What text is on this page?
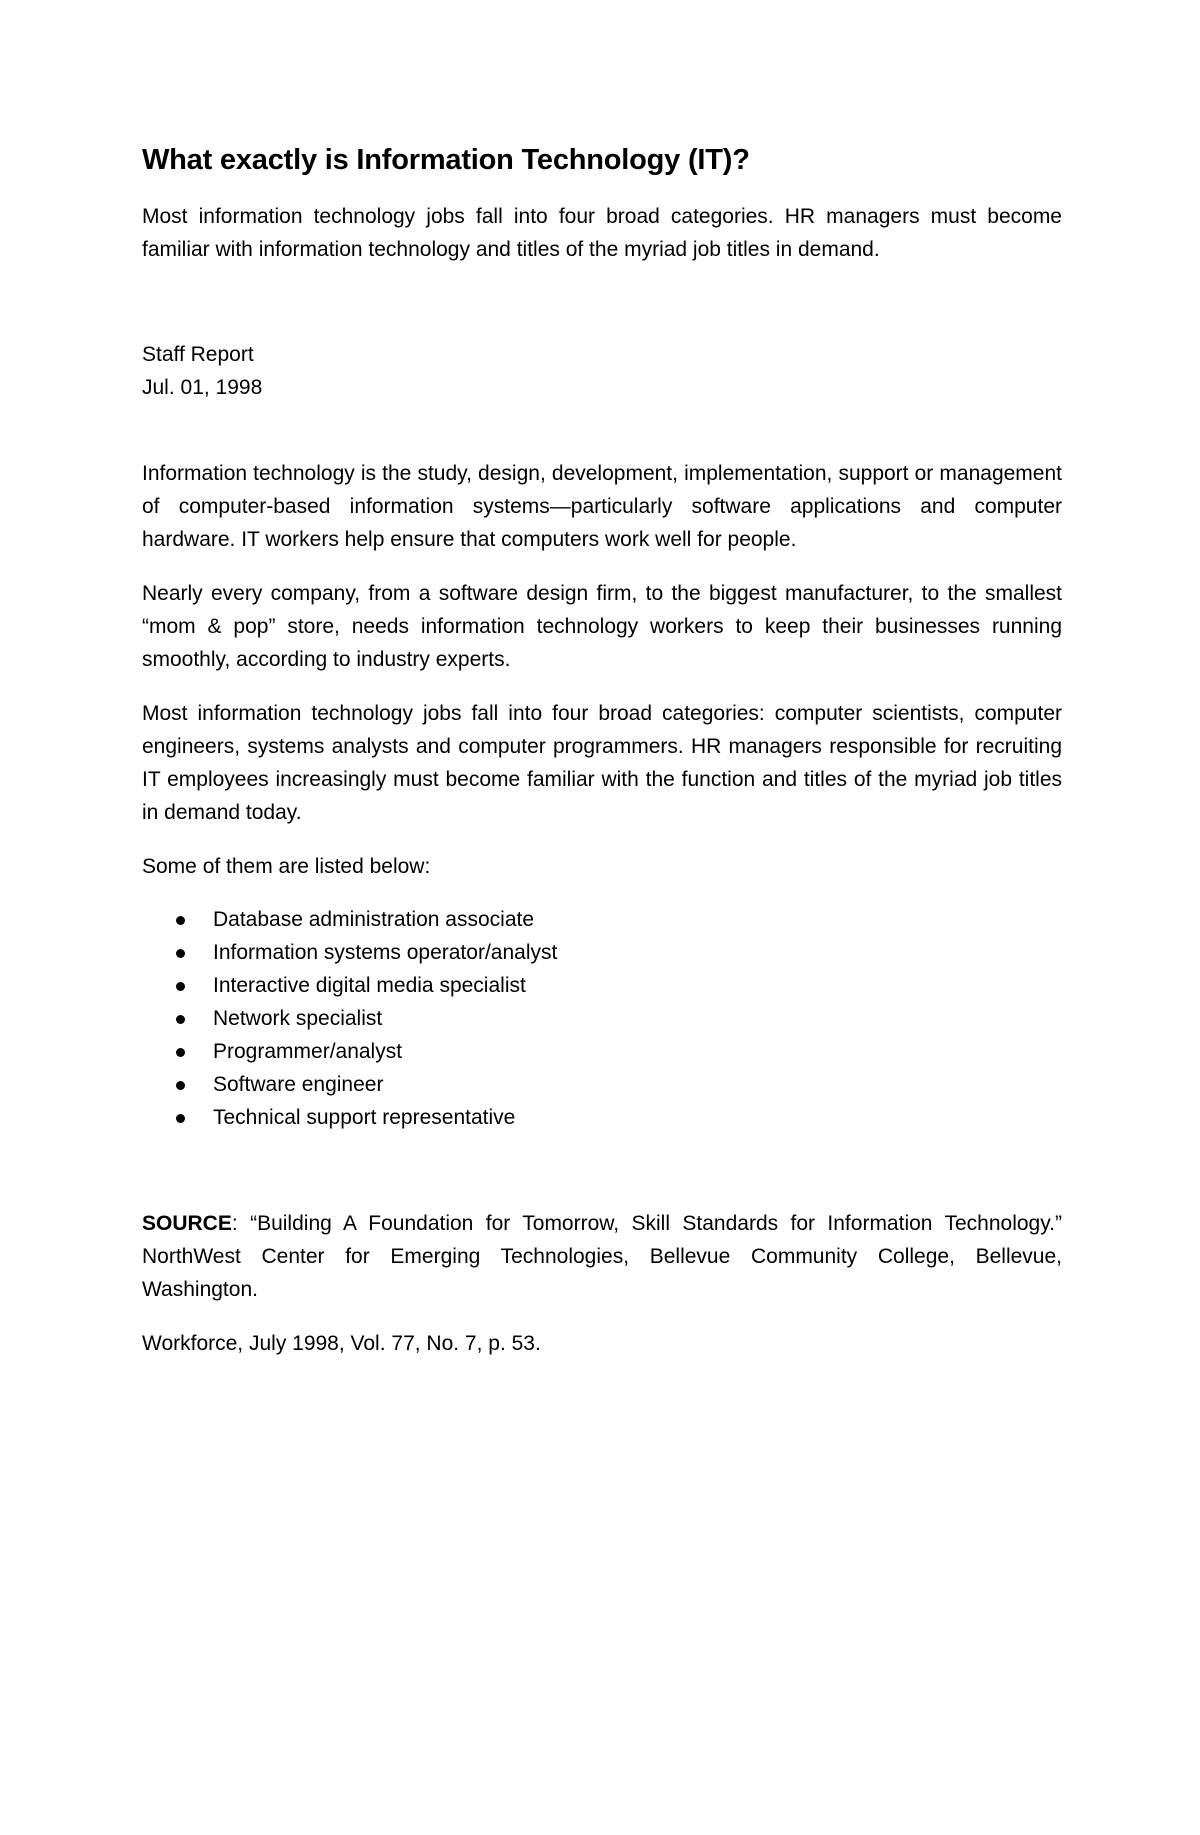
What exactly is Information Technology (IT)?

Most information technology jobs fall into four broad categories. HR managers must become familiar with information technology and titles of the myriad job titles in demand.

Staff Report
Jul. 01, 1998

Information technology is the study, design, development, implementation, support or management of computer-based information systems—particularly software applications and computer hardware. IT workers help ensure that computers work well for people.

Nearly every company, from a software design firm, to the biggest manufacturer, to the smallest “mom & pop” store, needs information technology workers to keep their businesses running smoothly, according to industry experts.

Most information technology jobs fall into four broad categories: computer scientists, computer engineers, systems analysts and computer programmers. HR managers responsible for recruiting IT employees increasingly must become familiar with the function and titles of the myriad job titles in demand today.

Some of them are listed below:

Database administration associate
Information systems operator/analyst
Interactive digital media specialist
Network specialist
Programmer/analyst
Software engineer
Technical support representative

SOURCE: “Building A Foundation for Tomorrow, Skill Standards for Information Technology.” NorthWest Center for Emerging Technologies, Bellevue Community College, Bellevue, Washington.

Workforce, July 1998, Vol. 77, No. 7, p. 53.
